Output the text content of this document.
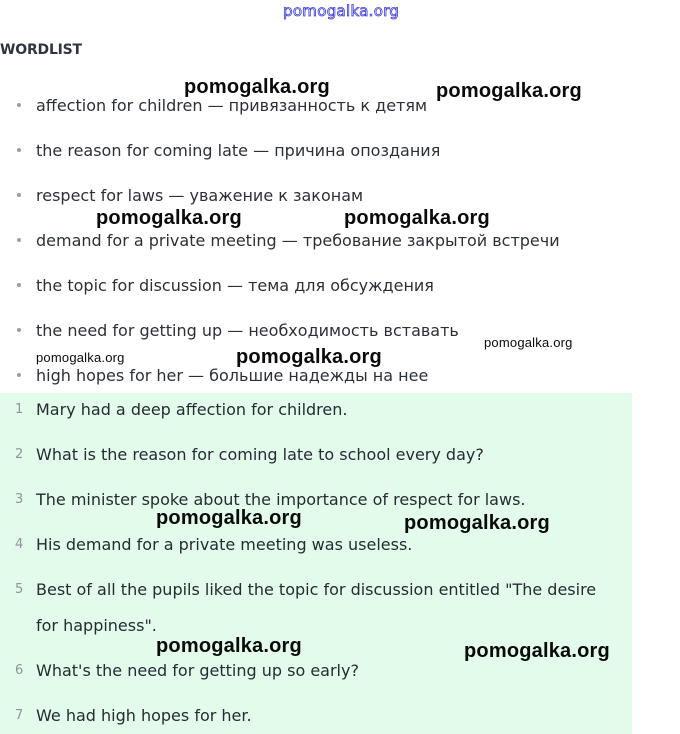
pomogalka.org
WORDLIST
affection for children — привязанность к детям
the reason for coming late — причина опоздания
respect for laws — уважение к законам
demand for a private meeting — требование закрытой встречи
the topic for discussion — тема для обсуждения
the need for getting up — необходимость вставать
high hopes for her — большие надежды на нее
1 Mary had a deep affection for children.
2 What is the reason for coming late to school every day?
3 The minister spoke about the importance of respect for laws.
4 His demand for a private meeting was useless.
5 Best of all the pupils liked the topic for discussion entitled "The desire
for happiness".
6 What's the need for getting up so early?
7 We had high hopes for her.
pomogalka.org	pomogalka.org
pomogalka.org	pomogalka.org
pomogalka.org
pomogalka.org	pomogalka.org
pomogalka.org	pomogalka.org
pomogalka.org	pomogalka.org
